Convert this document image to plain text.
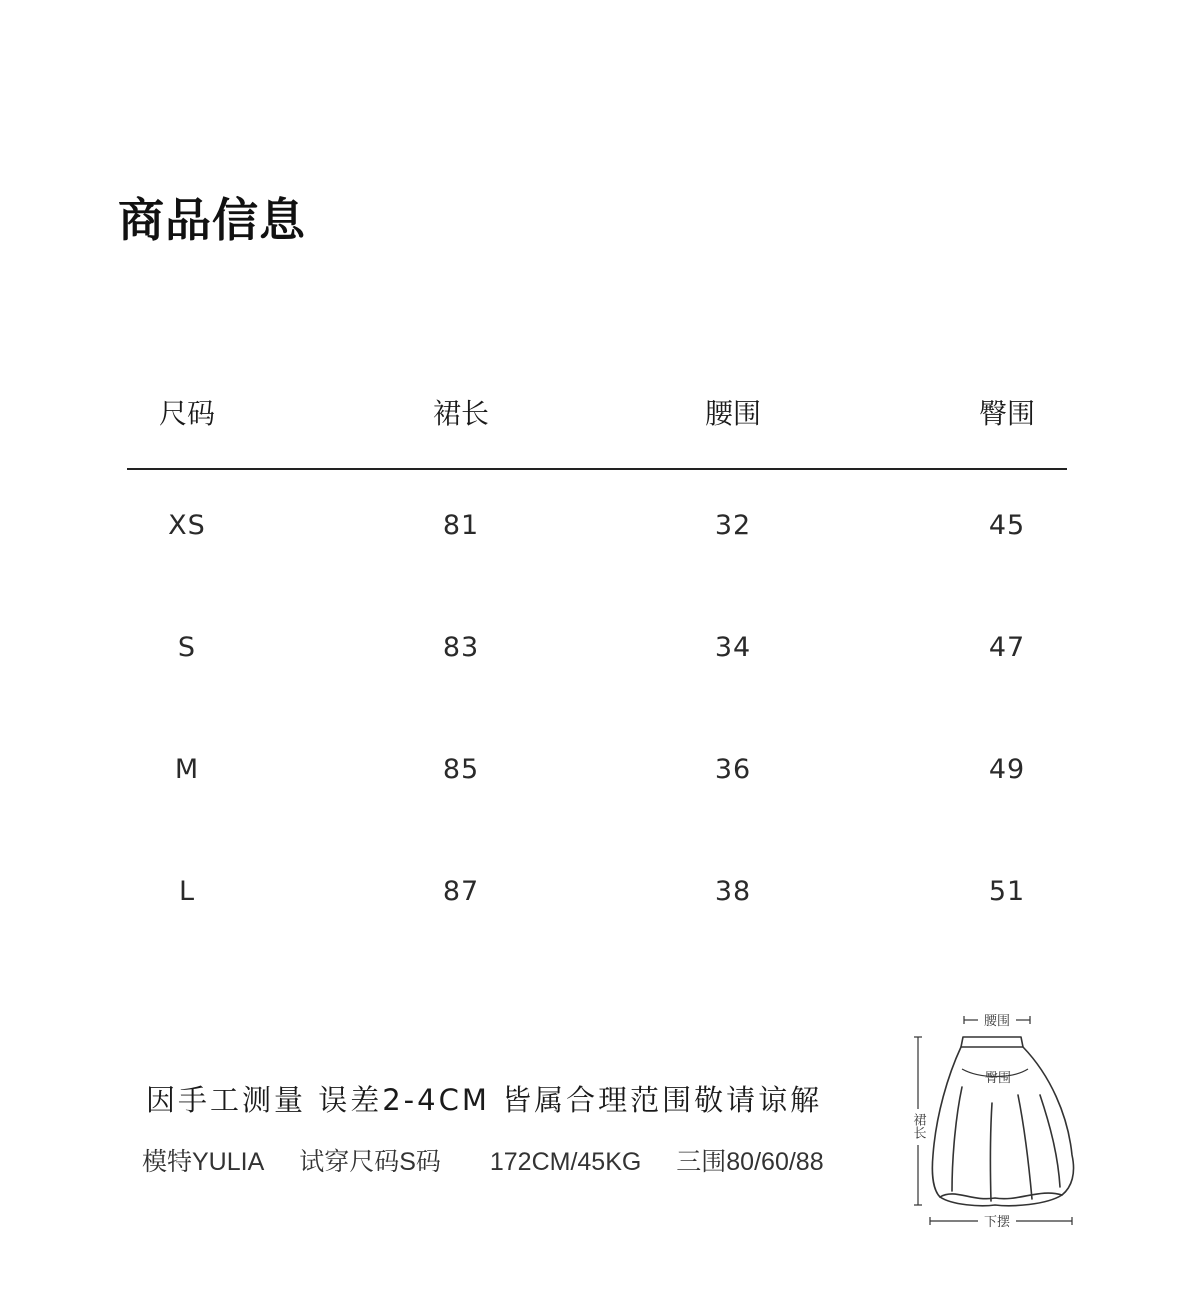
商品信息
尺码	裙长	腰围	臀围
XS	81	32	45
S	83	34	47
M	85	36	49
L	87	38	51
因手工测量 误差2-4CM 皆属合理范围敬请谅解
模特YULIA 试穿尺码S码 172CM/45KG 三围80/60/88
腰围
臀围
裙长
下摆
